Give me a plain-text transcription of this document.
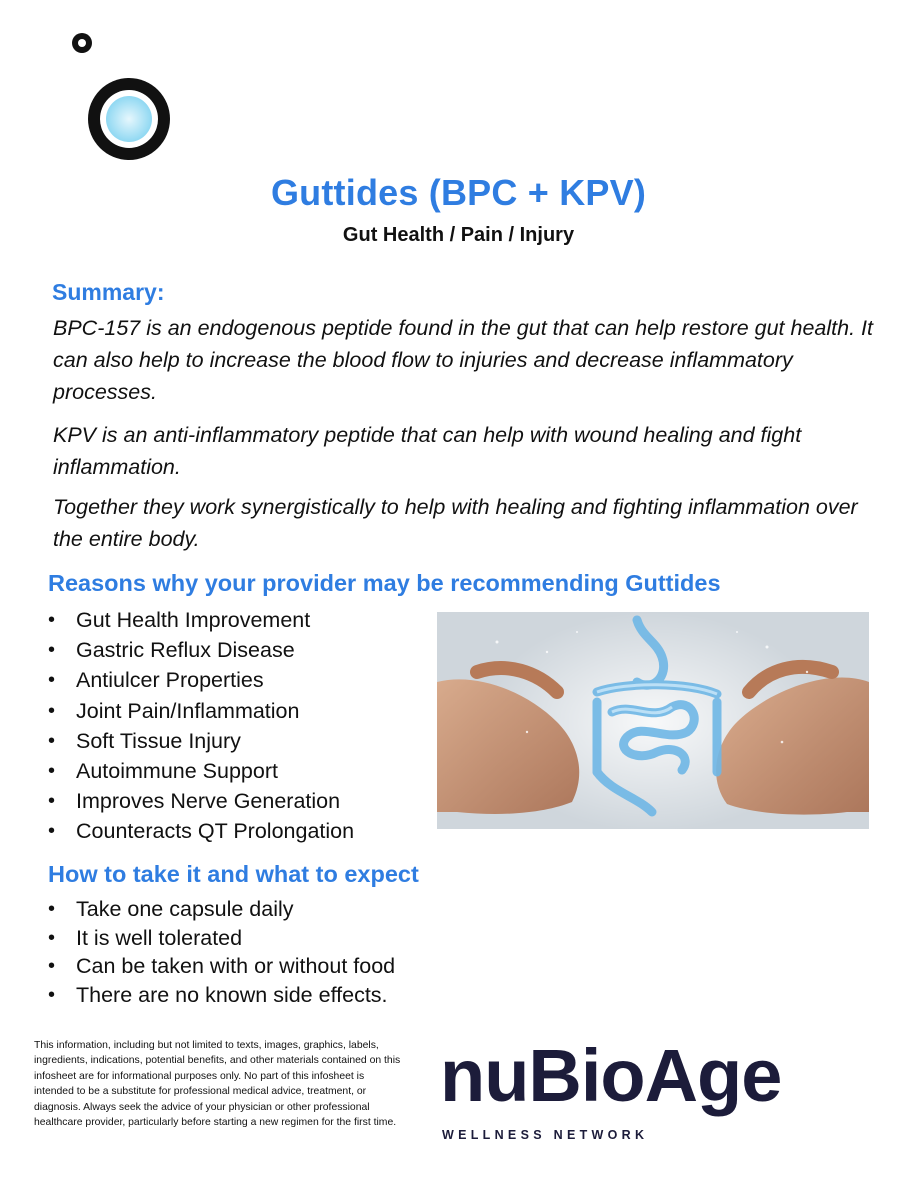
Guttides (BPC + KPV)
Gut Health / Pain / Injury
Summary:

BPC-157 is an endogenous peptide found in the gut that can help restore gut health. It can also help to increase the blood flow to injuries and decrease inflammatory processes.

KPV is an anti-inflammatory peptide that can help with wound healing and fight inflammation.

Together they work synergistically to help with healing and fighting inflammation over the entire body.

Reasons why your provider may be recommending Guttides
• Gut Health Improvement
• Gastric Reflux Disease
• Antiulcer Properties
• Joint Pain/Inflammation
• Soft Tissue Injury
• Autoimmune Support
• Improves Nerve Generation
• Counteracts QT Prolongation
How to take it and what to expect
• Take one capsule daily
• It is well tolerated
• Can be taken with or without food
• There are no known side effects.

This information, including but not limited to texts, images, graphics, labels, ingredients, indications, potential benefits, and other materials contained on this infosheet are for informational purposes only. No part of this infosheet is intended to be a substitute for professional medical advice, treatment, or diagnosis. Always seek the advice of your physician or other professional healthcare provider, particularly before starting a new regimen for the first time.

nuBioAge
WELLNESS NETWORK
